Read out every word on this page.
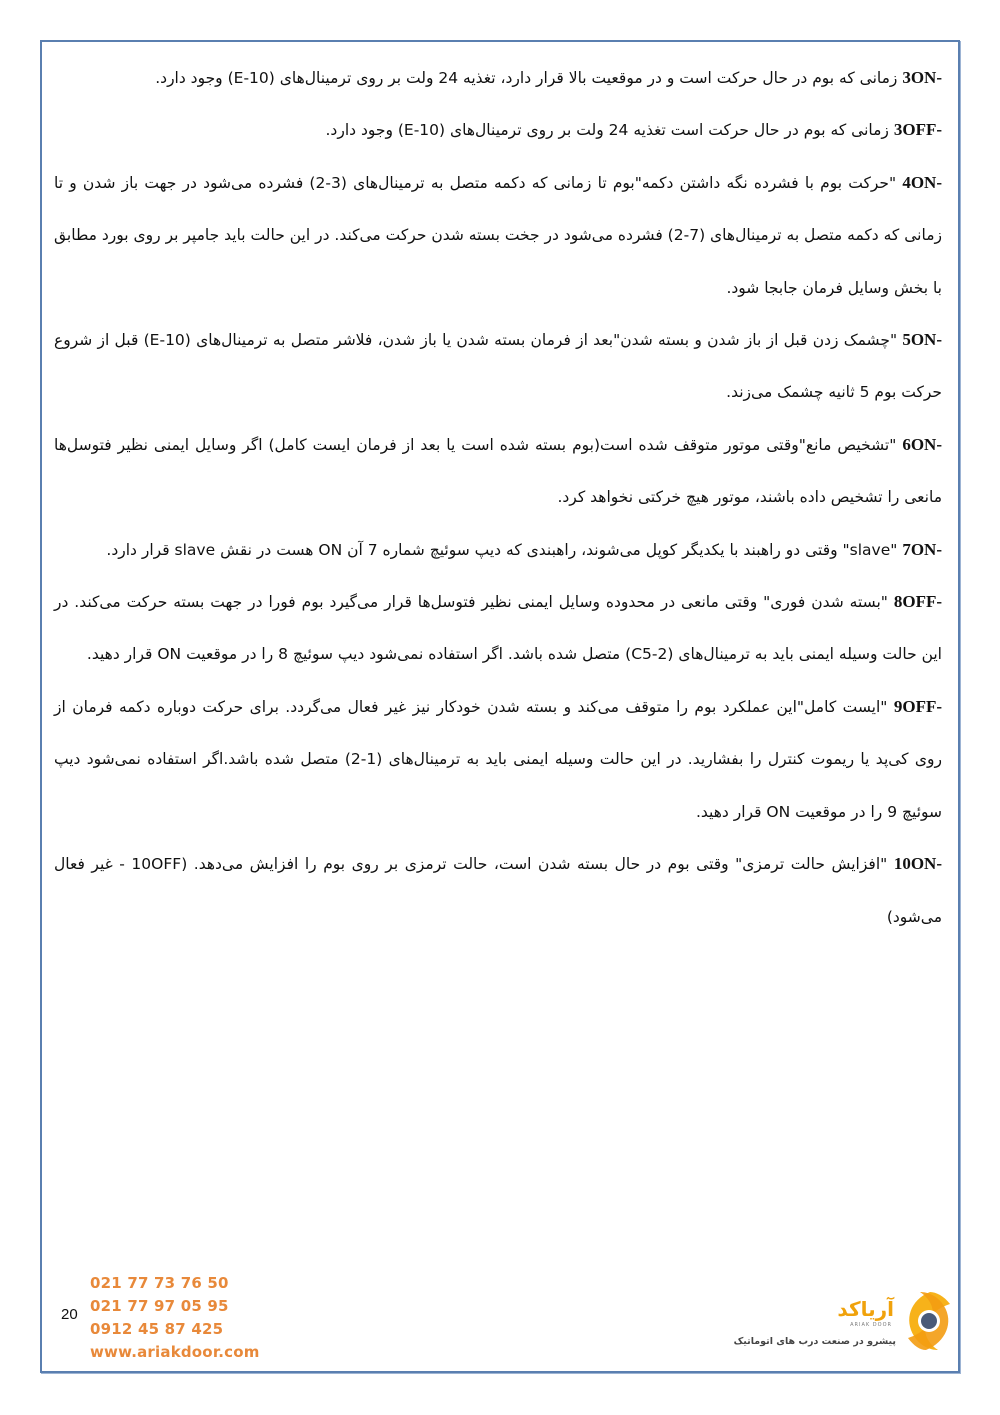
3ON- زمانی که بوم در حال حرکت است و در موقعیت بالا قرار دارد، تغذیه 24 ولت بر روی ترمینال‌های (10-E) وجود دارد.

3OFF- زمانی که بوم در حال حرکت است تغذیه 24 ولت بر روی ترمینال‌های (10-E) وجود دارد.

4ON- "حرکت بوم با فشرده نگه داشتن دکمه"بوم تا زمانی که دکمه متصل به ترمینال‌های (3-2) فشرده می‌شود در جهت باز شدن و تا زمانی که دکمه متصل به ترمینال‌های (7-2) فشرده می‌شود در جخت بسته شدن حرکت می‌کند. در این حالت باید جامپر بر روی بورد مطابق با بخش وسایل فرمان جابجا شود.

5ON- "چشمک زدن قبل از باز شدن و بسته شدن"بعد از فرمان بسته شدن یا باز شدن، فلاشر متصل به ترمینال‌های (10-E) قبل از شروع حرکت بوم 5 ثانیه چشمک می‌زند.

6ON- "تشخیص مانع"وقتی موتور متوقف شده است(بوم بسته شده است یا بعد از فرمان ایست کامل) اگر وسایل ایمنی نظیر فتوسل‌ها مانعی را تشخیص داده باشند، موتور هیچ خرکتی نخواهد کرد.

7ON- "slave" وقتی دو راهبند با یکدیگر کوپل می‌شوند، راهبندی که دیپ سوئیچ شماره 7 آن ON هست در نقش slave قرار دارد.

8OFF- "بسته شدن فوری" وقتی مانعی در محدوده وسایل ایمنی نظیر فتوسل‌ها قرار می‌گیرد بوم فورا در جهت بسته حرکت می‌کند. در این حالت وسیله ایمنی باید به ترمینال‌های (2-C5) متصل شده باشد. اگر استفاده نمی‌شود دیپ سوئیچ 8 را در موقعیت ON قرار دهید.

9OFF- "ایست کامل"این عملکرد بوم را متوقف می‌کند و بسته شدن خودکار نیز غیر فعال می‌گردد. برای حرکت دوباره دکمه فرمان از روی کی‌پد یا ریموت کنترل را بفشارید. در این حالت وسیله ایمنی باید به ترمینال‌های (1-2) متصل شده باشد.اگر استفاده نمی‌شود دیپ سوئیچ 9 را در موقعیت ON قرار دهید.

10ON- "افزایش حالت ترمزی" وقتی بوم در حال بسته شدن است، حالت ترمزی بر روی بوم را افزایش می‌دهد. (10OFF - غیر فعال می‌شود)

20
021 77 73 76 50
021 77 97 05 95
0912 45 87 425
www.ariakdoor.com
آریاکد
ARIAK DOOR
پیشرو در صنعت درب های اتوماتیک
